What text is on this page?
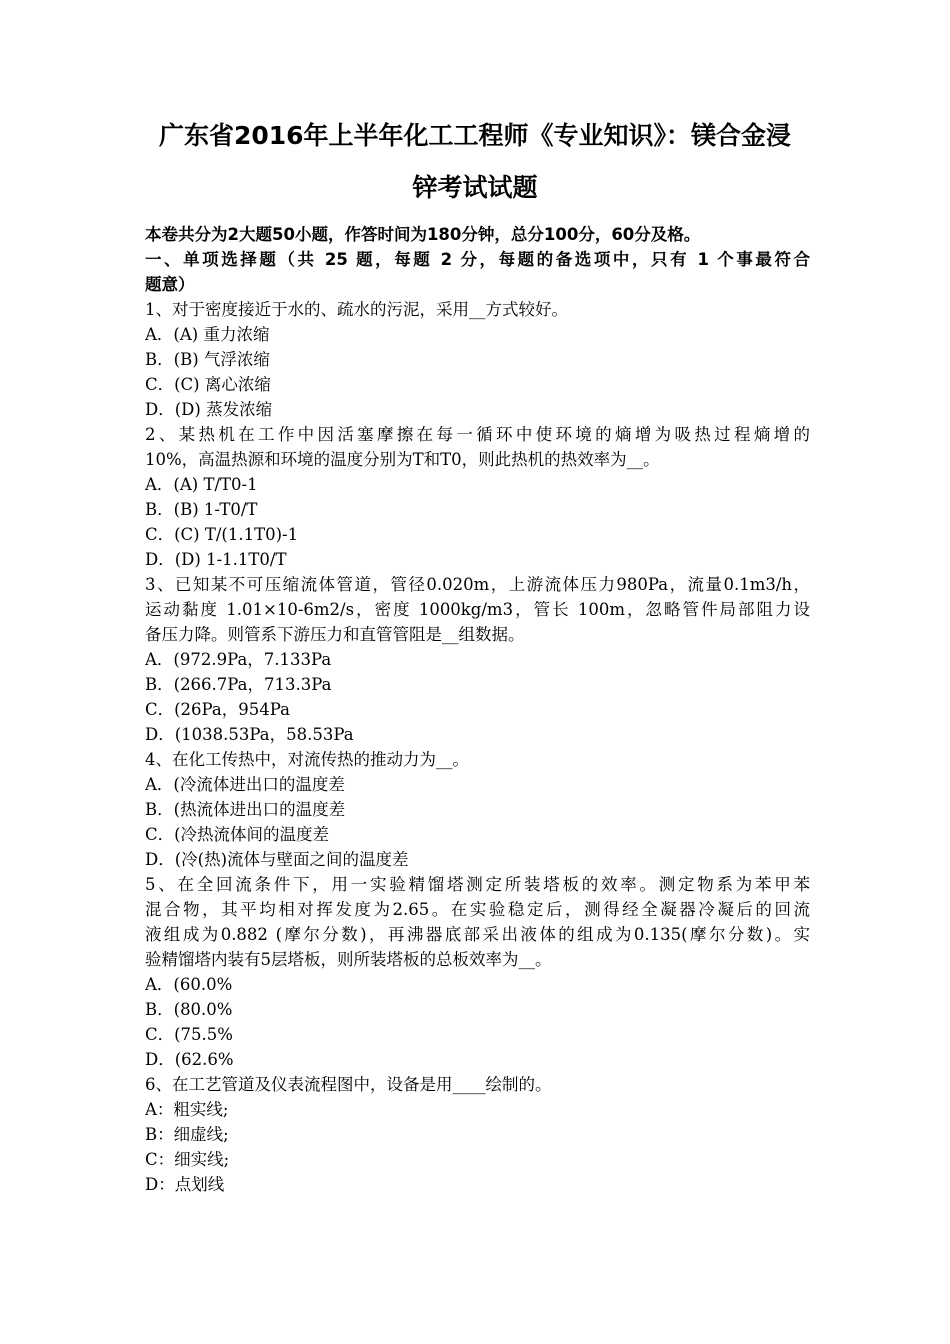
广东省2016年上半年化工工程师《专业知识》：镁合金浸
锌考试试题
本卷共分为2大题50小题，作答时间为180分钟，总分100分，60分及格。
一、单项选择题（共 25 题，每题 2 分，每题的备选项中，只有 1 个事最符合
题意）
1、对于密度接近于水的、疏水的污泥，采用__方式较好。
A．(A) 重力浓缩
B．(B) 气浮浓缩
C．(C) 离心浓缩
D．(D) 蒸发浓缩
2、某热机在工作中因活塞摩擦在每一循环中使环境的熵增为吸热过程熵增的
10%，高温热源和环境的温度分别为T和T0，则此热机的热效率为__。
A．(A) T/T0-1
B．(B) 1-T0/T
C．(C) T/(1.1T0)-1
D．(D) 1-1.1T0/T
3、已知某不可压缩流体管道，管径0.020m，上游流体压力980Pa，流量0.1m3/h，
运动黏度 1.01×10-6m2/s，密度 1000kg/m3，管长 100m，忽略管件局部阻力设
备压力降。则管系下游压力和直管管阻是__组数据。
A．(972.9Pa，7.133Pa
B．(266.7Pa，713.3Pa
C．(26Pa，954Pa
D．(1038.53Pa，58.53Pa
4、在化工传热中，对流传热的推动力为__。
A．(冷流体进出口的温度差
B．(热流体进出口的温度差
C．(冷热流体间的温度差
D．(冷(热)流体与壁面之间的温度差
5、在全回流条件下，用一实验精馏塔测定所装塔板的效率。测定物系为苯甲苯
混合物，其平均相对挥发度为2.65。在实验稳定后，测得经全凝器冷凝后的回流
液组成为0.882 (摩尔分数)，再沸器底部采出液体的组成为0.135(摩尔分数)。实
验精馏塔内装有5层塔板，则所装塔板的总板效率为__。
A．(60.0%
B．(80.0%
C．(75.5%
D．(62.6%
6、在工艺管道及仪表流程图中，设备是用____绘制的。
A：粗实线;
B：细虚线;
C：细实线;
D：点划线
